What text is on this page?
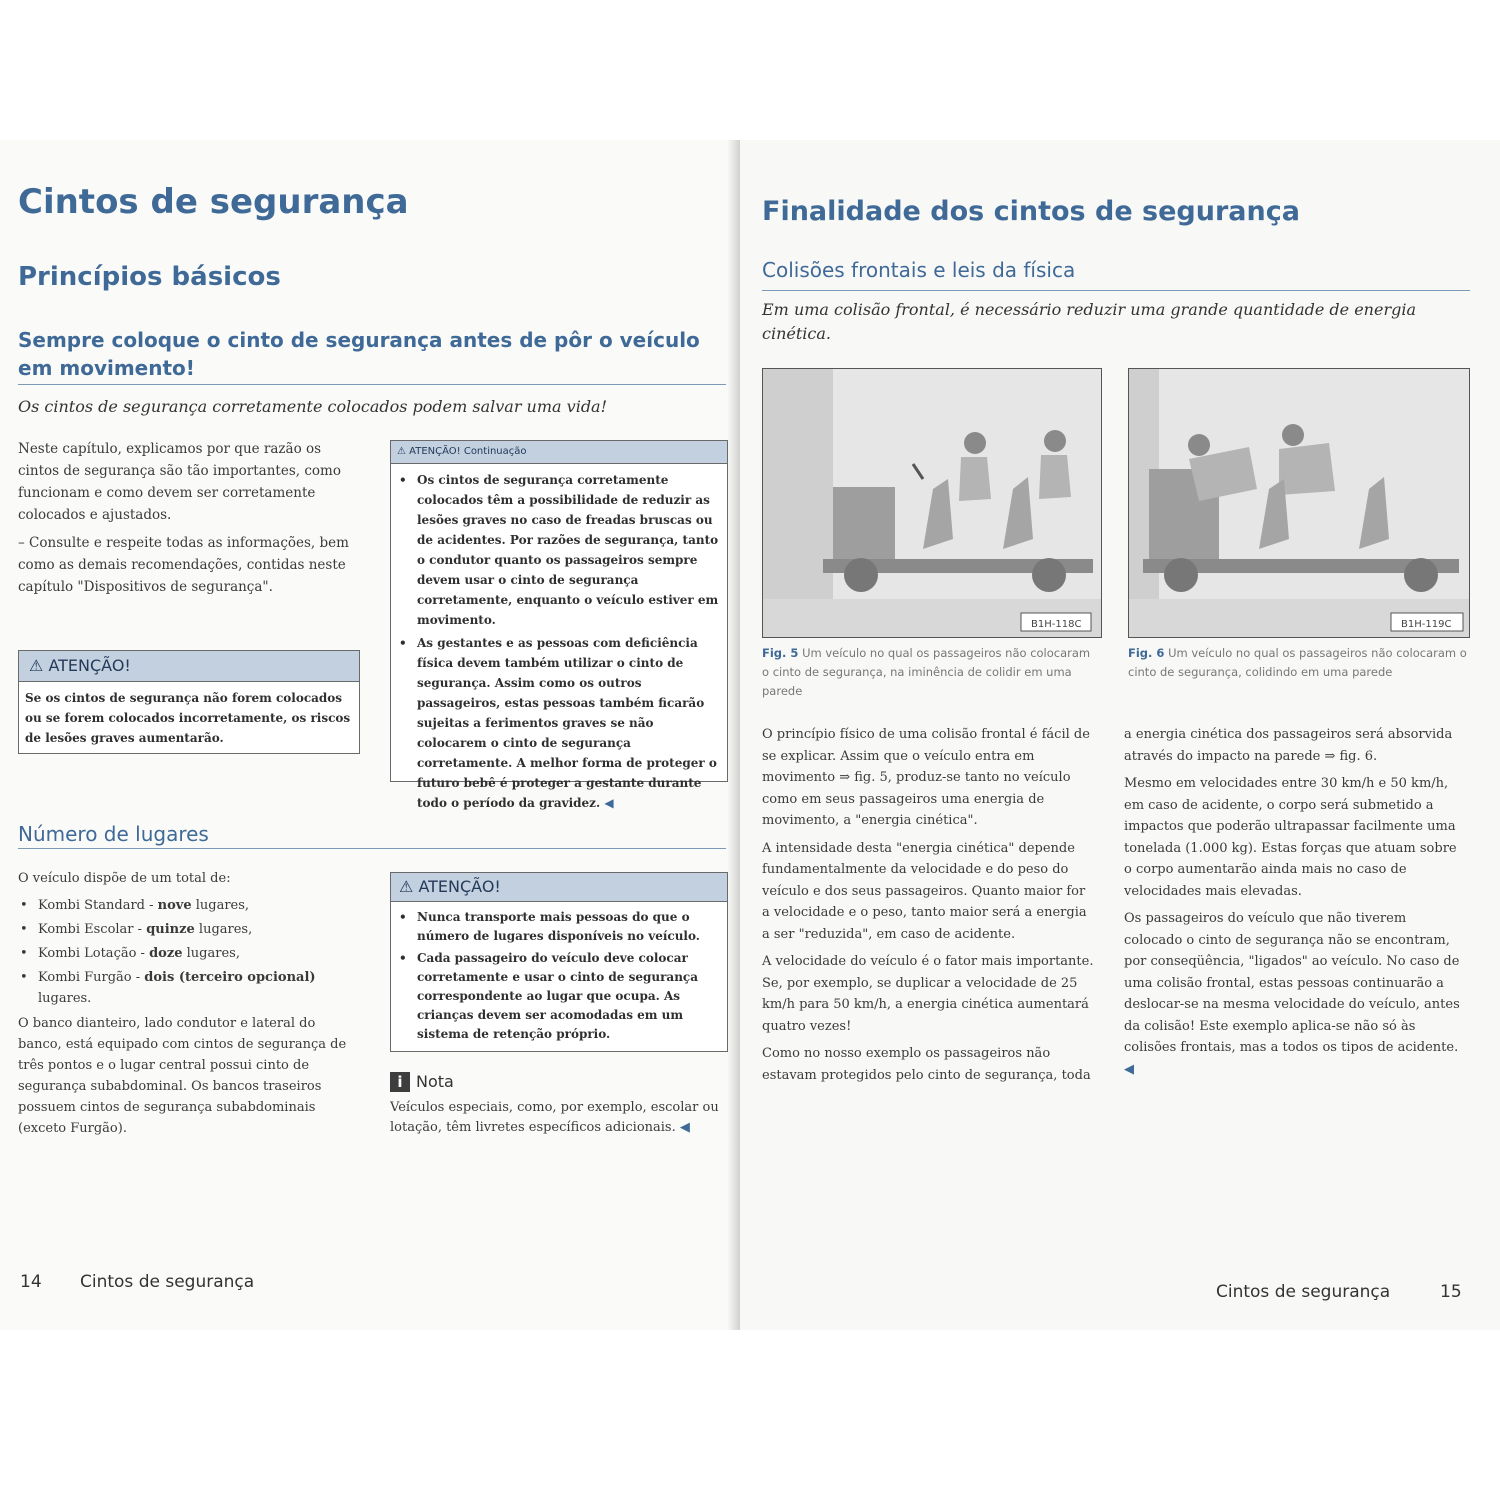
Cintos de segurança
Princípios básicos
Sempre coloque o cinto de segurança antes de pôr o veículo em movimento!
Os cintos de segurança corretamente colocados podem salvar uma vida!

Neste capítulo, explicamos por que razão os cintos de segurança são tão importantes, como funcionam e como devem ser corretamente colocados e ajustados.

– Consulte e respeite todas as informações, bem como as demais recomendações, contidas neste capítulo "Dispositivos de segurança".

⚠ ATENÇÃO!
Se os cintos de segurança não forem colocados ou se forem colocados incorretamente, os riscos de lesões graves aumentarão.
⚠ ATENÇÃO! Continuação
• Os cintos de segurança corretamente colocados têm a possibilidade de reduzir as lesões graves no caso de freadas bruscas ou de acidentes. Por razões de segurança, tanto o condutor quanto os passageiros sempre devem usar o cinto de segurança corretamente, enquanto o veículo estiver em movimento.
• As gestantes e as pessoas com deficiência física devem também utilizar o cinto de segurança. Assim como os outros passageiros, estas pessoas também ficarão sujeitas a ferimentos graves se não colocarem o cinto de segurança corretamente. A melhor forma de proteger o futuro bebê é proteger a gestante durante todo o período da gravidez. ◀
Número de lugares

O veículo dispõe de um total de:

• Kombi Standard - nove lugares,
• Kombi Escolar - quinze lugares,
• Kombi Lotação - doze lugares,
• Kombi Furgão - dois (terceiro opcional) lugares.

O banco dianteiro, lado condutor e lateral do banco, está equipado com cintos de segurança de três pontos e o lugar central possui cinto de segurança subabdominal. Os bancos traseiros possuem cintos de segurança subabdominais (exceto Furgão).

⚠ ATENÇÃO!
• Nunca transporte mais pessoas do que o número de lugares disponíveis no veículo.
• Cada passageiro do veículo deve colocar corretamente e usar o cinto de segurança correspondente ao lugar que ocupa. As crianças devem ser acomodadas em um sistema de retenção próprio.
i Nota
Veículos especiais, como, por exemplo, escolar ou lotação, têm livretes específicos adicionais. ◀
14 Cintos de segurança
Finalidade dos cintos de segurança
Colisões frontais e leis da física
Em uma colisão frontal, é necessário reduzir uma grande quantidade de energia cinética.
B1H-118C
Fig. 5 Um veículo no qual os passageiros não colocaram o cinto de segurança, na iminência de colidir em uma parede
B1H-119C
Fig. 6 Um veículo no qual os passageiros não colocaram o cinto de segurança, colidindo em uma parede

O princípio físico de uma colisão frontal é fácil de se explicar. Assim que o veículo entra em movimento ⇒ fig. 5, produz-se tanto no veículo como em seus passageiros uma energia de movimento, a "energia cinética".

A intensidade desta "energia cinética" depende fundamentalmente da velocidade e do peso do veículo e dos seus passageiros. Quanto maior for a velocidade e o peso, tanto maior será a energia a ser "reduzida", em caso de acidente.

A velocidade do veículo é o fator mais importante. Se, por exemplo, se duplicar a velocidade de 25 km/h para 50 km/h, a energia cinética aumentará quatro vezes!

Como no nosso exemplo os passageiros não estavam protegidos pelo cinto de segurança, toda

a energia cinética dos passageiros será absorvida através do impacto na parede ⇒ fig. 6.

Mesmo em velocidades entre 30 km/h e 50 km/h, em caso de acidente, o corpo será submetido a impactos que poderão ultrapassar facilmente uma tonelada (1.000 kg). Estas forças que atuam sobre o corpo aumentarão ainda mais no caso de velocidades mais elevadas.

Os passageiros do veículo que não tiverem colocado o cinto de segurança não se encontram, por conseqüência, "ligados" ao veículo. No caso de uma colisão frontal, estas pessoas continuarão a deslocar-se na mesma velocidade do veículo, antes da colisão! Este exemplo aplica-se não só às colisões frontais, mas a todos os tipos de acidente. ◀

Cintos de segurança	15
